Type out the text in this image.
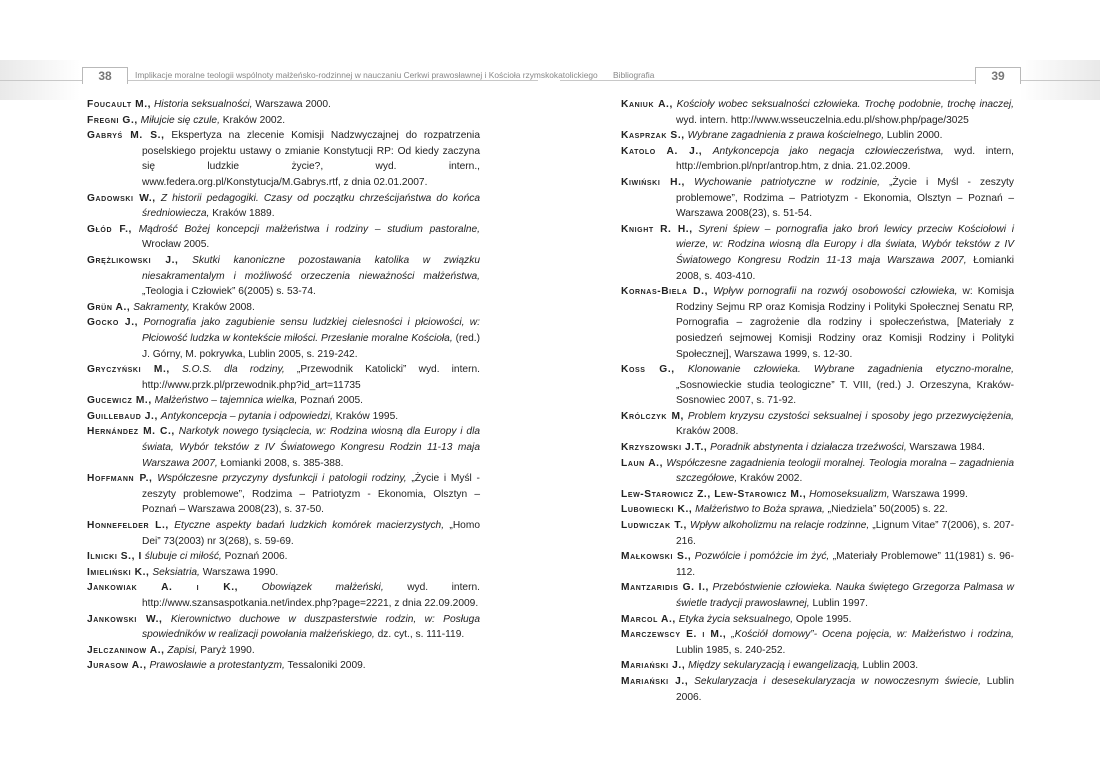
38	Implikacje moralne teologii wspólnoty małżeńsko-rodzinnej w nauczaniu Cerkwi prawosławnej i Kościoła rzymskokatolickiego Bibliografia	39
Foucault M., Historia seksualności, Warszawa 2000.
Fregni G., Miłujcie się czule, Kraków 2002.
Gabryś M. S., Ekspertyza na zlecenie Komisji Nadzwyczajnej do rozpatrzenia poselskiego projektu ustawy o zmianie Konstytucji RP: Od kiedy zaczyna się ludzkie życie?, wyd. intern., www.federa.org.pl/Konstytucja/M.Gabrys.rtf, z dnia 02.01.2007.
Gadowski W., Z historii pedagogiki. Czasy od początku chrześcijaństwa do końca średniowiecza, Kraków 1889.
Głód F., Mądrość Bożej koncepcji małżeństwa i rodziny – studium pastoralne, Wrocław 2005.
Grężlikowski J., Skutki kanoniczne pozostawania katolika w związku niesakramentalym i możliwość orzeczenia nieważności małżeństwa, „Teologia i Człowiek” 6(2005) s. 53-74.
Grün A., Sakramenty, Kraków 2008.
Gocko J., Pornografia jako zagubienie sensu ludzkiej cielesności i płciowości, w: Płciowość ludzka w kontekście miłości. Przesłanie moralne Kościoła, (red.) J. Górny, M. pokrywka, Lublin 2005, s. 219-242.
Gryczyński M., S.O.S. dla rodziny, „Przewodnik Katolicki” wyd. intern. http://www.przk.pl/przewodnik.php?id_art=11735
Gucewicz M., Małżeństwo – tajemnica wielka, Poznań 2005.
Guillebaud J., Antykoncepcja – pytania i odpowiedzi, Kraków 1995.
Hernández M. C., Narkotyk nowego tysiąclecia, w: Rodzina wiosną dla Europy i dla świata, Wybór tekstów z IV Światowego Kongresu Rodzin 11-13 maja Warszawa 2007, Łomianki 2008, s. 385-388.
Hoffmann P., Współczesne przyczyny dysfunkcji i patologii rodziny, „Życie i Myśl - zeszyty problemowe”, Rodzima – Patriotyzm - Ekonomia, Olsztyn – Poznań – Warszawa 2008(23), s. 37-50.
Honnefelder L., Etyczne aspekty badań ludzkich komórek macierzystych, „Homo Dei” 73(2003) nr 3(268), s. 59-69.
Ilnicki S., I ślubuje ci miłość, Poznań 2006.
Imieliński K., Seksiatria, Warszawa 1990.
Jankowiak A. i K., Obowiązek małżeński, wyd. intern. http://www.szansaspotkania.net/index.php?page=2221, z dnia 22.09.2009.
Jankowski W., Kierownictwo duchowe w duszpasterstwie rodzin, w: Posługa spowiedników w realizacji powołania małżeńskiego, dz. cyt., s. 111-119.
Jelczaninow A., Zapisi, Paryż 1990.
Jurasow A., Prawosławie a protestantyzm, Tessaloniki 2009.
Kaniuk A., Kościoły wobec seksualności człowieka. Trochę podobnie, trochę inaczej, wyd. intern. http://www.wsseuczelnia.edu.pl/show.php/page/3025
Kasprzak S., Wybrane zagadnienia z prawa kościelnego, Lublin 2000.
Katolo A. J., Antykoncepcja jako negacja człowieczeństwa, wyd. intern, http://embrion.pl/npr/antrop.htm, z dnia. 21.02.2009.
Kiwiński H., Wychowanie patriotyczne w rodzinie, „Życie i Myśl - zeszyty problemowe”, Rodzima – Patriotyzm - Ekonomia, Olsztyn – Poznań – Warszawa 2008(23), s. 51-54.
Knight R. H., Syreni śpiew – pornografia jako broń lewicy przeciw Kościołowi i wierze, w: Rodzina wiosną dla Europy i dla świata, Wybór tekstów z IV Światowego Kongresu Rodzin 11-13 maja Warszawa 2007, Łomianki 2008, s. 403-410.
Kornas-Biela D., Wpływ pornografii na rozwój osobowości człowieka, w: Komisja Rodziny Sejmu RP oraz Komisja Rodziny i Polityki Społecznej Senatu RP, Pornografia – zagrożenie dla rodziny i społeczeństwa, [Materiały z posiedzeń sejmowej Komisji Rodziny oraz Komisji Rodziny i Polityki Społecznej], Warszawa 1999, s. 12-30.
Koss G., Klonowanie człowieka. Wybrane zagadnienia etyczno-moralne, „Sosnowieckie studia teologiczne” T. VIII, (red.) J. Orzeszyna, Kraków-Sosnowiec 2007, s. 71-92.
Królczyk M, Problem kryzysu czystości seksualnej i sposoby jego przezwyciężenia, Kraków 2008.
Krzyszowski J.T., Poradnik abstynenta i działacza trzeźwości, Warszawa 1984.
Laun A., Współczesne zagadnienia teologii moralnej. Teologia moralna – zagadnienia szczegółowe, Kraków 2002.
Lew-Starowicz Z., Lew-Starowicz M., Homoseksualizm, Warszawa 1999.
Lubowiecki K., Małżeństwo to Boża sprawa, „Niedziela” 50(2005) s. 22.
Ludwiczak T., Wpływ alkoholizmu na relacje rodzinne, „Lignum Vitae” 7(2006), s. 207-216.
Małkowski S., Pozwólcie i pomóżcie im żyć, „Materiały Problemowe” 11(1981) s. 96-112.
Mantzaridis G. I., Przebóstwienie człowieka. Nauka świętego Grzegorza Palmasa w świetle tradycji prawosławnej, Lublin 1997.
Marcol A., Etyka życia seksualnego, Opole 1995.
Marczewscy E. i M., „Kościół domowy”- Ocena pojęcia, w: Małżeństwo i rodzina, Lublin 1985, s. 240-252.
Mariański J., Między sekularyzacją i ewangelizacją, Lublin 2003.
Mariański J., Sekularyzacja i desesekularyzacja w nowoczesnym świecie, Lublin 2006.
